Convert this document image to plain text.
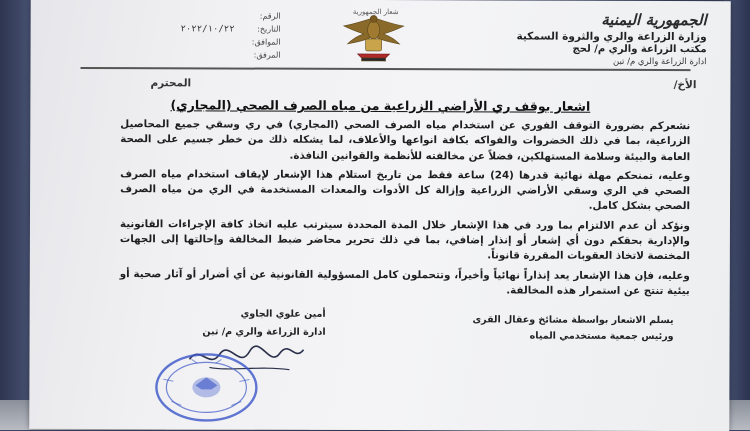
الجمهورية اليمنية
وزارة الزراعة والري والثروة السمكية
مكتب الزراعة والري م/ لحج
ادارة الزراعة والري م/ تبن
شعار الجمهورية
الرقم:
التاريخ:
٢٠٢٢/١٠/٢٢
الموافق:
المرفق:
الأخ/
المحترم
اشعار بوقف ري الأراضي الزراعية من مياه الصرف الصحي (المجاري)

نشعركم بضرورة التوقف الفوري عن استخدام مياه الصرف الصحي (المجاري) في ري وسقي جميع المحاصيل الزراعية، بما في ذلك الخضروات والفواكه بكافة انواعها والأعلاف، لما يشكله ذلك من خطر جسيم على الصحة العامة والبيئة وسلامة المستهلكين، فضلاً عن مخالفته للأنظمة والقوانين النافذة.

وعليه، تمنحكم مهلة نهائية قدرها (24) ساعة فقط من تاريخ استلام هذا الإشعار لإيقاف استخدام مياه الصرف الصحي في الري وسقي الأراضي الزراعية وإزالة كل الأدوات والمعدات المستخدمة في الري من مياه الصرف الصحي بشكل كامل.

ونؤكد أن عدم الالتزام بما ورد في هذا الإشعار خلال المدة المحددة سيترتب عليه اتخاذ كافة الإجراءات القانونية والإدارية بحقكم دون أي إشعار أو إنذار إضافي، بما في ذلك تحرير محاضر ضبط المخالفة وإحالتها إلى الجهات المختصة لاتخاذ العقوبات المقررة قانوناً.

وعليه، فإن هذا الإشعار يعد إنذاراً نهائياً وأخيراً، وتتحملون كامل المسؤولية القانونية عن أي أضرار أو آثار صحية أو بيئية تنتج عن استمرار هذه المخالفة.

يسلم الاشعار بواسطة مشائخ وعقال القرى
ورئيس جمعية مستخدمي المياه
أمين علوي الجاوي
ادارة الزراعة والري م/ تبن
